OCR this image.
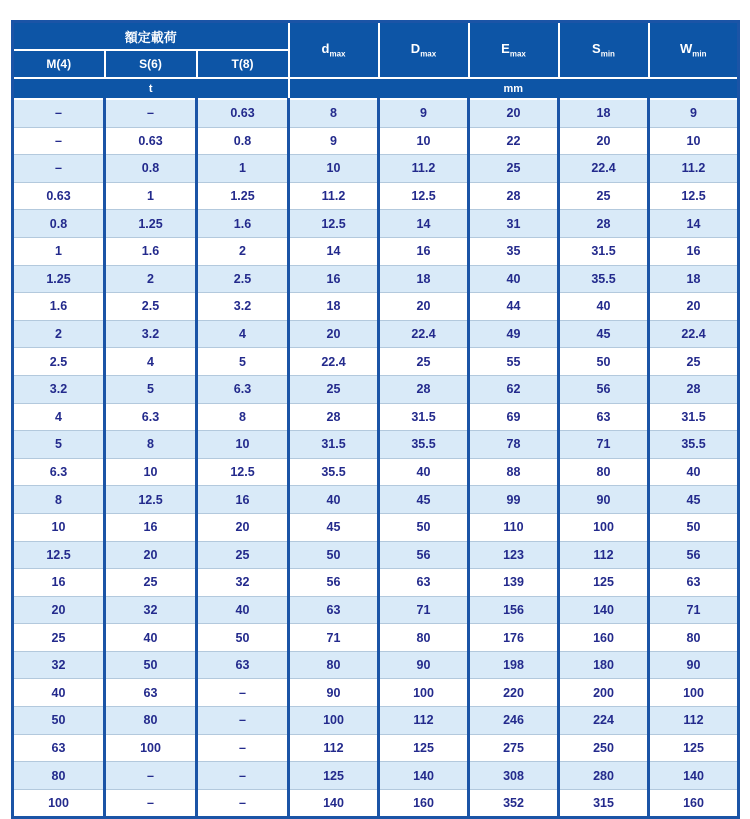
額定載荷			$d_{max}$	$D_{max}$	$E_{max}$	$S_{min}$	$W_{min}$
M(4)	S(6)	T(8)					
t			mm				
–	–	0.63	8	9	20	18	9
–	0.63	0.8	9	10	22	20	10
–	0.8	1	10	11.2	25	22.4	11.2
0.63	1	1.25	11.2	12.5	28	25	12.5
0.8	1.25	1.6	12.5	14	31	28	14
1	1.6	2	14	16	35	31.5	16
1.25	2	2.5	16	18	40	35.5	18
1.6	2.5	3.2	18	20	44	40	20
2	3.2	4	20	22.4	49	45	22.4
2.5	4	5	22.4	25	55	50	25
3.2	5	6.3	25	28	62	56	28
4	6.3	8	28	31.5	69	63	31.5
5	8	10	31.5	35.5	78	71	35.5
6.3	10	12.5	35.5	40	88	80	40
8	12.5	16	40	45	99	90	45
10	16	20	45	50	110	100	50
12.5	20	25	50	56	123	112	56
16	25	32	56	63	139	125	63
20	32	40	63	71	156	140	71
25	40	50	71	80	176	160	80
32	50	63	80	90	198	180	90
40	63	–	90	100	220	200	100
50	80	–	100	112	246	224	112
63	100	–	112	125	275	250	125
80	–	–	125	140	308	280	140
100	–	–	140	160	352	315	160
